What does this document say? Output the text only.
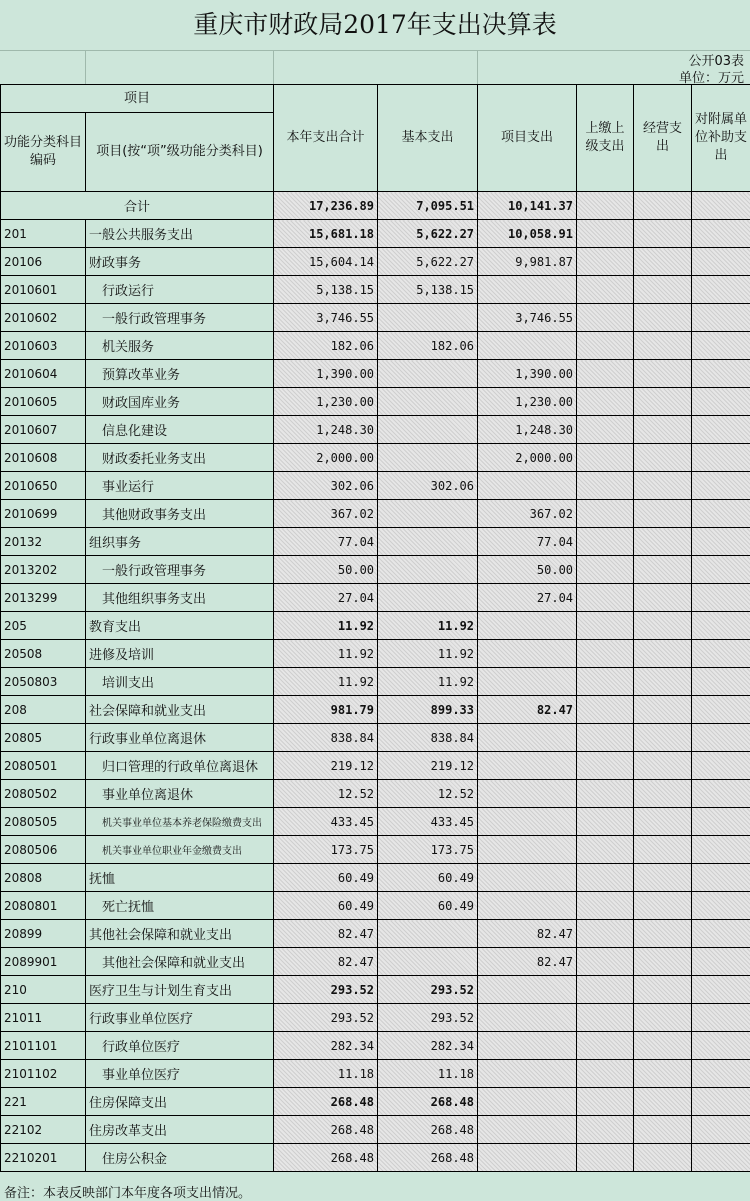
重庆市财政局2017年支出决算表
公开03表
单位：万元
项目		本年支出合计	基本支出	项目支出	上缴上级支出	经营支出	对附属单位补助支出
功能分类科目编码	项目(按“项”级功能分类科目)						
合计		17,236.89	7,095.51	10,141.37			
201	一般公共服务支出	15,681.18	5,622.27	10,058.91			
20106	财政事务	15,604.14	5,622.27	9,981.87			
2010601	行政运行	5,138.15	5,138.15				
2010602	一般行政管理事务	3,746.55		3,746.55			
2010603	机关服务	182.06	182.06				
2010604	预算改革业务	1,390.00		1,390.00			
2010605	财政国库业务	1,230.00		1,230.00			
2010607	信息化建设	1,248.30		1,248.30			
2010608	财政委托业务支出	2,000.00		2,000.00			
2010650	事业运行	302.06	302.06				
2010699	其他财政事务支出	367.02		367.02			
20132	组织事务	77.04		77.04			
2013202	一般行政管理事务	50.00		50.00			
2013299	其他组织事务支出	27.04		27.04			
205	教育支出	11.92	11.92				
20508	进修及培训	11.92	11.92				
2050803	培训支出	11.92	11.92				
208	社会保障和就业支出	981.79	899.33	82.47			
20805	行政事业单位离退休	838.84	838.84				
2080501	归口管理的行政单位离退休	219.12	219.12				
2080502	事业单位离退休	12.52	12.52				
2080505	机关事业单位基本养老保险缴费支出	433.45	433.45				
2080506	机关事业单位职业年金缴费支出	173.75	173.75				
20808	抚恤	60.49	60.49				
2080801	死亡抚恤	60.49	60.49				
20899	其他社会保障和就业支出	82.47		82.47			
2089901	其他社会保障和就业支出	82.47		82.47			
210	医疗卫生与计划生育支出	293.52	293.52				
21011	行政事业单位医疗	293.52	293.52				
2101101	行政单位医疗	282.34	282.34				
2101102	事业单位医疗	11.18	11.18				
221	住房保障支出	268.48	268.48				
22102	住房改革支出	268.48	268.48				
2210201	住房公积金	268.48	268.48				
备注：本表反映部门本年度各项支出情况。
